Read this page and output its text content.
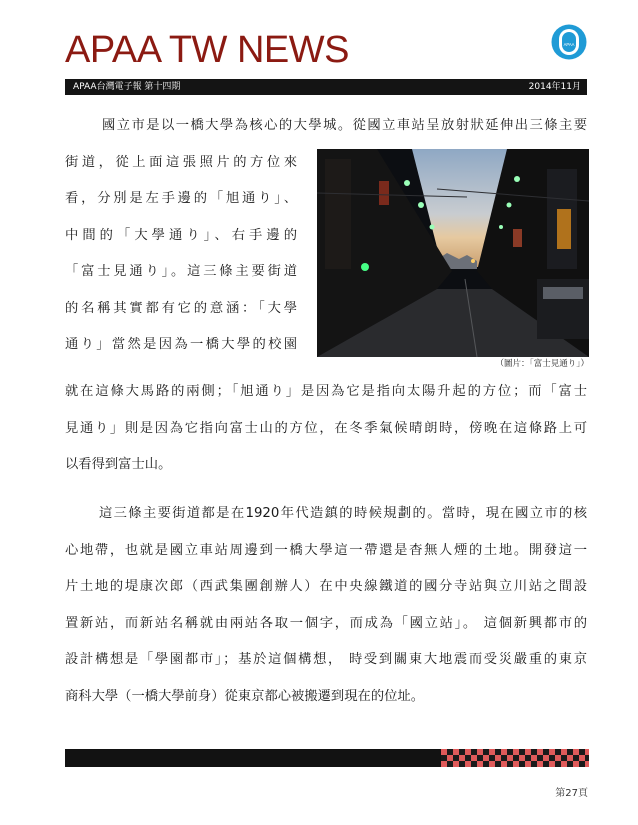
APAA TW NEWS	APAA
APAA台灣電子報 第十四期	2014年11月
國立市是以一橋大學為核心的大學城。從國立車站呈放射狀延伸出三條主要
街道，從上面這張照片的方位來
看，分別是左手邊的「旭通り」、
中間的「大學通り」、右手邊的
「富士見通り」。這三條主要街道
的名稱其實都有它的意涵：「大學
通り」當然是因為一橋大學的校園
就在這條大馬路的兩側；「旭通り」是因為它是指向太陽升起的方位；而「富士
見通り」則是因為它指向富士山的方位，在冬季氣候晴朗時，傍晚在這條路上可
以看得到富士山。
（圖片：「富士見通り」）
這三條主要街道都是在1920年代造鎮的時候規劃的。當時，現在國立市的核
心地帶，也就是國立車站周邊到一橋大學這一帶還是杳無人煙的土地。開發這一
片土地的堤康次郎（西武集團創辦人）在中央線鐵道的國分寺站與立川站之間設
置新站，而新站名稱就由兩站各取一個字，而成為「國立站」。 這個新興都市的
設計構想是「學園都市」；基於這個構想， 時受到關東大地震而受災嚴重的東京
商科大學（一橋大學前身）從東京都心被搬遷到現在的位址。
第27頁
